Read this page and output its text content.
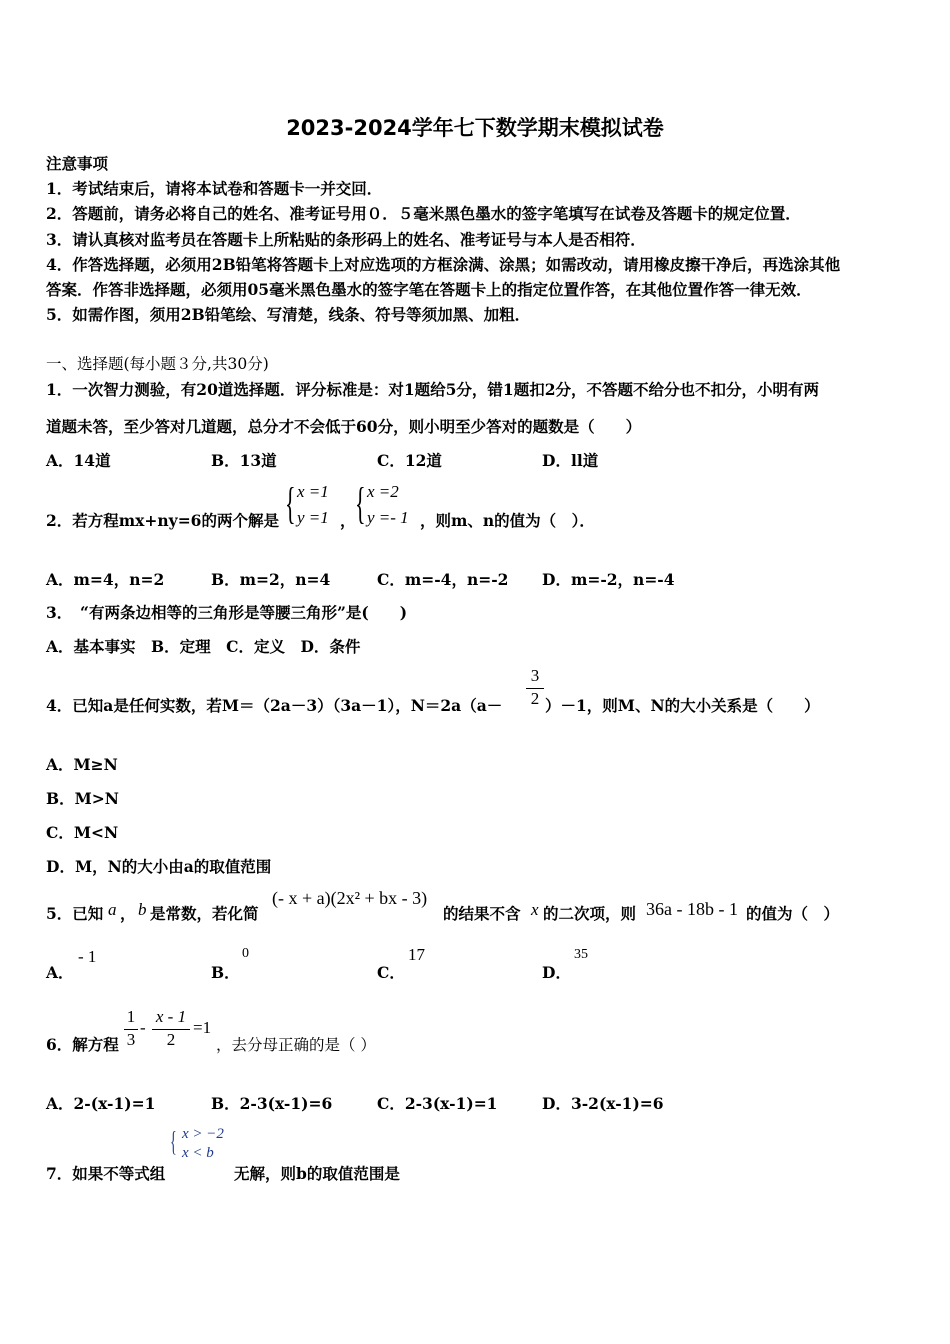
2023-2024学年七下数学期末模拟试卷
注意事项
1．考试结束后，请将本试卷和答题卡一并交回．
2．答题前，请务必将自己的姓名、准考证号用０．５毫米黑色墨水的签字笔填写在试卷及答题卡的规定位置．
3．请认真核对监考员在答题卡上所粘贴的条形码上的姓名、准考证号与本人是否相符．
4．作答选择题，必须用2B铅笔将答题卡上对应选项的方框涂满、涂黑；如需改动，请用橡皮擦干净后，再选涂其他
答案．作答非选择题，必须用05毫米黑色墨水的签字笔在答题卡上的指定位置作答，在其他位置作答一律无效．
5．如需作图，须用2B铅笔绘、写清楚，线条、符号等须加黑、加粗．
一、选择题(每小题３分,共30分)
1．一次智力测验，有20道选择题．评分标准是：对1题给5分，错1题扣2分，不答题不给分也不扣分，小明有两
道题未答，至少答对几道题，总分才不会低于60分，则小明至少答对的题数是（　　）
A．14道	B．13道	C．12道	D．ll道
2．若方程mx+ny=6的两个解是 { x =1
y =1 ， { x =2
y =- 1 ，则m、n的值为（　）．
A．m=4，n=2	B．m=2，n=4	C．m=-4，n=-2 D．m=-2，n=-4
3．　“有两条边相等的三角形是等腰三角形”是(　　)
A．基本事实　B．定理　C．定义　D．条件
4．已知a是任何实数，若M＝（2a－3）（3a－1），$N=2a(a- \frac{3}{2} )-1$，则M、N的大小关系是（　　）
A．M≥N
B．M>N
C．M<N
D．M，N的大小由a的取值范围
5．已知 a ， b 是常数，若化简
(- x + a)(2x² + bx - 3)
的结果不含 x 的二次项，则 36a - 18b - 1 的值为（　）
A．
- 1
B．
0
C．
17
D．
35
6．解方程 $\frac{1}{3} - \frac{x - 1}{2} =1$
，去分母正确的是（ ）
A．2-(x-1)=1	B．2-3(x-1)=6	C．2-3(x-1)=1	D．3-2(x-1)=6
7．如果不等式组
{ x > −2
x < b
无解，则b的取值范围是
